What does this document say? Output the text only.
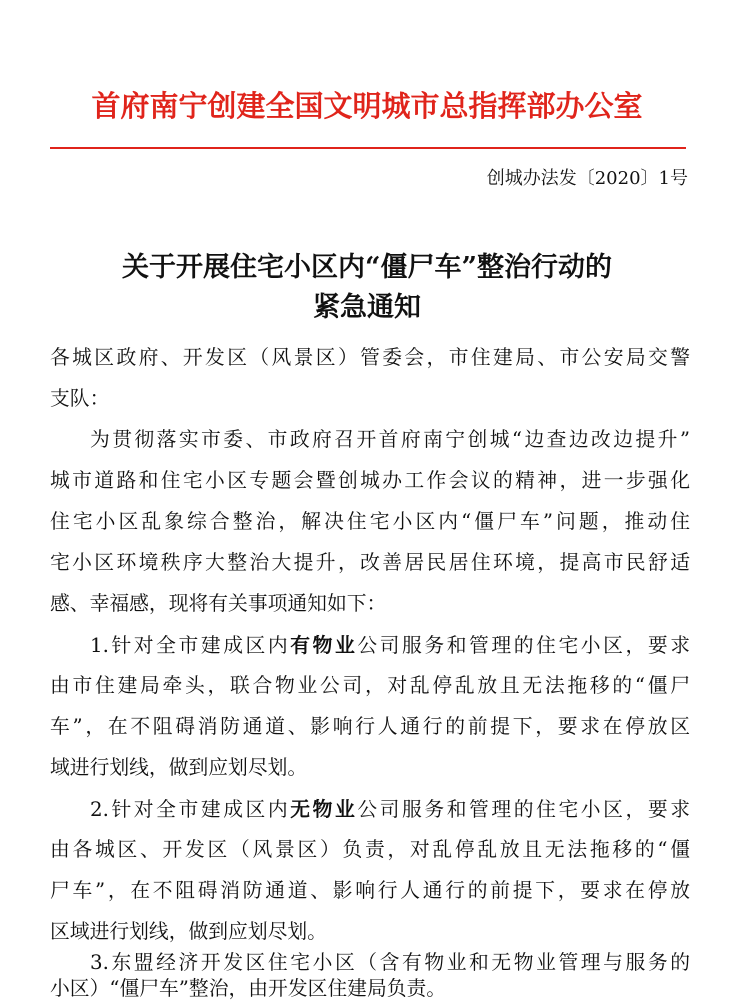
首府南宁创建全国文明城市总指挥部办公室
创城办法发〔2020〕1号
关于开展住宅小区内“僵尸车”整治行动的
紧急通知
各城区政府、开发区（风景区）管委会，市住建局、市公安局交警
支队：
为贯彻落实市委、市政府召开首府南宁创城“边查边改边提升”
城市道路和住宅小区专题会暨创城办工作会议的精神，进一步强化
住宅小区乱象综合整治，解决住宅小区内“僵尸车”问题，推动住
宅小区环境秩序大整治大提升，改善居民居住环境，提高市民舒适
感、幸福感，现将有关事项通知如下：
1.针对全市建成区内有物业公司服务和管理的住宅小区，要求
由市住建局牵头，联合物业公司，对乱停乱放且无法拖移的“僵尸
车”，在不阻碍消防通道、影响行人通行的前提下，要求在停放区
域进行划线，做到应划尽划。
2.针对全市建成区内无物业公司服务和管理的住宅小区，要求
由各城区、开发区（风景区）负责，对乱停乱放且无法拖移的“僵
尸车”，在不阻碍消防通道、影响行人通行的前提下，要求在停放
区域进行划线，做到应划尽划。
3.东盟经济开发区住宅小区（含有物业和无物业管理与服务的
小区）“僵尸车”整治，由开发区住建局负责。
